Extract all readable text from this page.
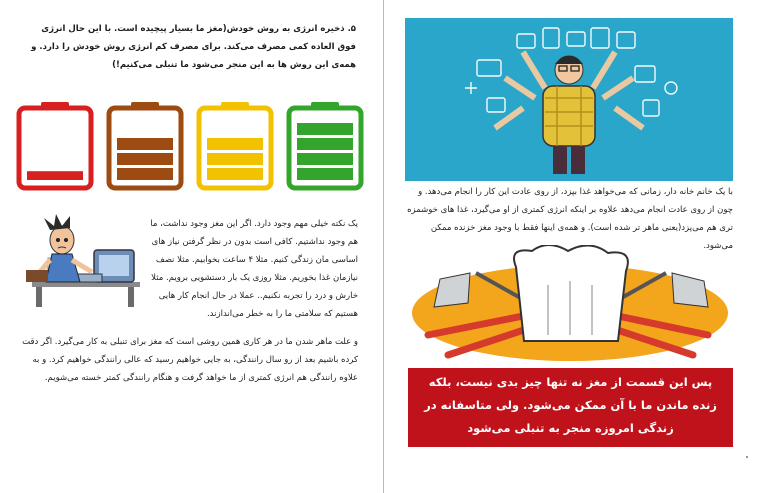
۵. ذخیره انرژی به روش خودش(مغز ما بسیار پیچیده است. با این حال انرژی فوق العاده کمی مصرف می‌کند. برای مصرف کم انرژی روش خودش را دارد. و همه‌ی این روش ها به این منجر می‌شود ما تنبلی می‌کنیم!)

یک نکته خیلی مهم وجود دارد. اگر این مغز وجود نداشت، ما هم وجود نداشتیم. کافی است بدون در نظر گرفتن نیاز های اساسی مان زندگی کنیم. مثلا ۴ ساعت بخوابیم. مثلا نصف نیازمان غذا بخوریم. مثلا روزی یک بار دستشویی برویم. مثلا خارش و درد را تجربه نکنیم.. عملا در حال انجام کار هایی هستیم که سلامتی ما را به خطر می‌اندازند.

و علت ماهر شدن ما در هر کاری همین روشی است که مغز برای تنبلی به کار می‌گیرد. اگر دقت کرده باشیم بعد از رو سال رانندگی، به جایی خواهیم رسید که عالی رانندگی خواهیم کرد. و به علاوه رانندگی هم انرژی کمتری از ما خواهد گرفت و هنگام رانندگی کمتر خسته می‌شویم.

با یک خانم خانه دار، زمانی که می‌خواهد غذا بپزد، از روی عادت این کار را انجام می‌دهد. و چون از روی عادت انجام می‌دهد علاوه بر اینکه انرژی کمتری از او می‌گیرد، غذا های خوشمزه تری هم می‌پزد(یعنی ماهر تر شده است). و همه‌ی اینها فقط با وجود مغز خزنده ممکن می‌شود.

پس این قسمت از مغز نه تنها چیز بدی نیست، بلکه زنده ماندن ما با آن ممکن می‌شود. ولی متاسفانه در زندگی امروزه منجر به تنبلی می‌شود
